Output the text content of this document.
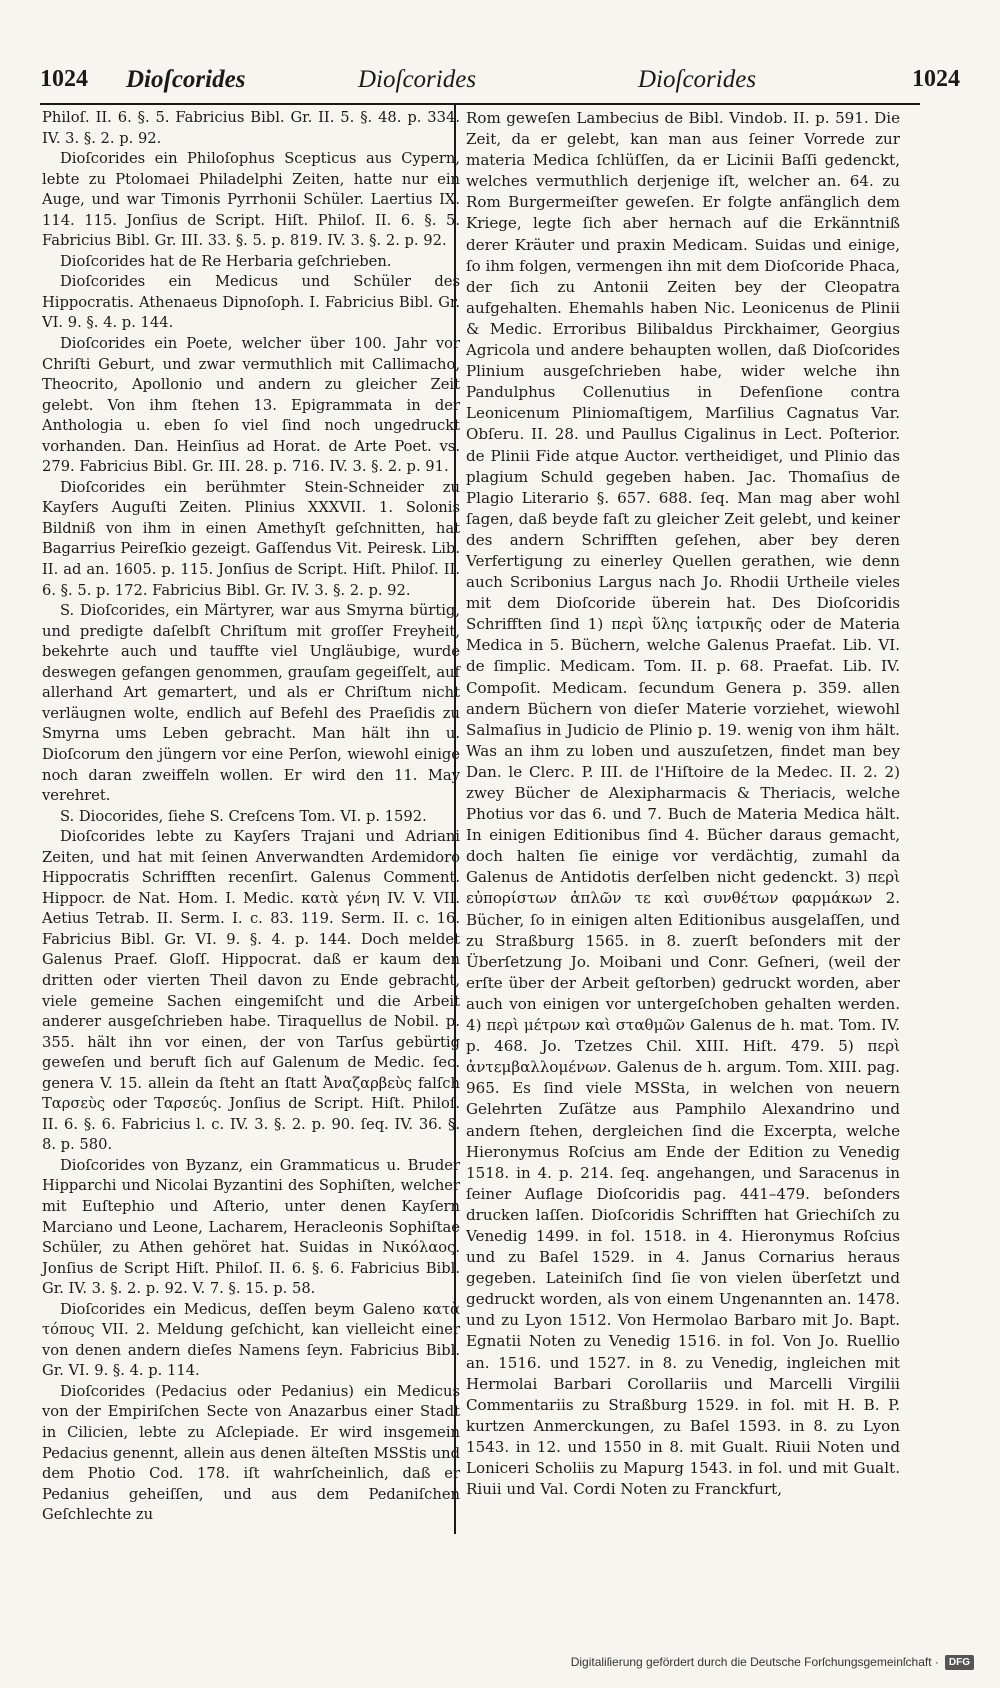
1024 Dioſcorides	Dioſcorides	Dioſcorides	1024

Philoſ. II. 6. §. 5. Fabricius Bibl. Gr. II. 5. §. 48. p. 334. IV. 3. §. 2. p. 92.

Dioſcorides ein Philoſophus Scepticus aus Cypern, lebte zu Ptolomaei Philadelphi Zeiten, hatte nur ein Auge, und war Timonis Pyrrhonii Schüler. Laertius IX. 114. 115. Jonſius de Script. Hiſt. Philoſ. II. 6. §. 5. Fabricius Bibl. Gr. III. 33. §. 5. p. 819. IV. 3. §. 2. p. 92.

Dioſcorides hat de Re Herbaria geſchrieben.

Dioſcorides ein Medicus und Schüler des Hippocratis. Athenaeus Dipnoſoph. I. Fabricius Bibl. Gr. VI. 9. §. 4. p. 144.

Dioſcorides ein Poete, welcher über 100. Jahr vor Chriſti Geburt, und zwar vermuthlich mit Callimacho, Theocrito, Apollonio und andern zu gleicher Zeit gelebt. Von ihm ſtehen 13. Epigrammata in der Anthologia u. eben ſo viel ſind noch ungedruckt vorhanden. Dan. Heinſius ad Horat. de Arte Poet. vs. 279. Fabricius Bibl. Gr. III. 28. p. 716. IV. 3. §. 2. p. 91.

Dioſcorides ein berühmter Stein-Schneider zu Kayſers Auguſti Zeiten. Plinius XXXVII. 1. Solonis Bildniß von ihm in einen Amethyſt geſchnitten, hat Bagarrius Peireſkio gezeigt. Gaſſendus Vit. Peiresk. Lib. II. ad an. 1605. p. 115. Jonſius de Script. Hiſt. Philoſ. II. 6. §. 5. p. 172. Fabricius Bibl. Gr. IV. 3. §. 2. p. 92.

S. Dioſcorides, ein Märtyrer, war aus Smyrna bürtig, und predigte daſelbſt Chriſtum mit groſſer Freyheit, bekehrte auch und tauffte viel Ungläubige, wurde deswegen gefangen genommen, grauſam gegeiſſelt, auf allerhand Art gemartert, und als er Chriſtum nicht verläugnen wolte, endlich auf Befehl des Praeſidis zu Smyrna ums Leben gebracht. Man hält ihn u. Dioſcorum den jüngern vor eine Perſon, wiewohl einige noch daran zweiffeln wollen. Er wird den 11. May verehret.

S. Diocorides, ſiehe S. Creſcens Tom. VI. p. 1592.

Dioſcorides lebte zu Kayſers Trajani und Adriani Zeiten, und hat mit ſeinen Anverwandten Ardemidoro Hippocratis Schrifften recenſirt. Galenus Comment. Hippocr. de Nat. Hom. I. Medic. κατὰ γένη IV. V. VII. Aetius Tetrab. II. Serm. I. c. 83. 119. Serm. II. c. 16. Fabricius Bibl. Gr. VI. 9. §. 4. p. 144. Doch meldet Galenus Praef. Gloſſ. Hippocrat. daß er kaum den dritten oder vierten Theil davon zu Ende gebracht, viele gemeine Sachen eingemiſcht und die Arbeit anderer ausgeſchrieben habe. Tiraquellus de Nobil. p. 355. hält ihn vor einen, der von Tarſus gebürtig geweſen und beruft ſich auf Galenum de Medic. ſec. genera V. 15. allein da ſteht an ſtatt Ἀναζαρβεὺς falſch Ταρσεὺς oder Ταρσεύς. Jonſius de Script. Hiſt. Philoſ. II. 6. §. 6. Fabricius l. c. IV. 3. §. 2. p. 90. ſeq. IV. 36. §. 8. p. 580.

Dioſcorides von Byzanz, ein Grammaticus u. Bruder Hipparchi und Nicolai Byzantini des Sophiſten, welcher mit Euſtephio und Aſterio, unter denen Kayſern Marciano und Leone, Lacharem, Heracleonis Sophiſtae Schüler, zu Athen gehöret hat. Suidas in Νικόλαος. Jonſius de Script Hiſt. Philoſ. II. 6. §. 6. Fabricius Bibl. Gr. IV. 3. §. 2. p. 92. V. 7. §. 15. p. 58.

Dioſcorides ein Medicus, deſſen beym Galeno κατὰ τόπους VII. 2. Meldung geſchicht, kan vielleicht einer von denen andern dieſes Namens ſeyn. Fabricius Bibl. Gr. VI. 9. §. 4. p. 114.

Dioſcorides (Pedacius oder Pedanius) ein Medicus von der Empiriſchen Secte von Anazarbus einer Stadt in Cilicien, lebte zu Aſclepiade. Er wird insgemein Pedacius genennt, allein aus denen älteſten MSStis und dem Photio Cod. 178. iſt wahrſcheinlich, daß er Pedanius geheiſſen, und aus dem Pedaniſchen Geſchlechte zu

Rom geweſen Lambecius de Bibl. Vindob. II. p. 591. Die Zeit, da er gelebt, kan man aus ſeiner Vorrede zur materia Medica ſchlüſſen, da er Licinii Baſſi gedenckt, welches vermuthlich derjenige iſt, welcher an. 64. zu Rom Burgermeiſter geweſen. Er folgte anfänglich dem Kriege, legte ſich aber hernach auf die Erkänntniß derer Kräuter und praxin Medicam. Suidas und einige, ſo ihm folgen, vermengen ihn mit dem Dioſcoride Phaca, der ſich zu Antonii Zeiten bey der Cleopatra aufgehalten. Ehemahls haben Nic. Leonicenus de Plinii & Medic. Erroribus Bilibaldus Pirckhaimer, Georgius Agricola und andere behaupten wollen, daß Dioſcorides Plinium ausgeſchrieben habe, wider welche ihn Pandulphus Collenutius in Defenſione contra Leonicenum Pliniomaſtigem, Marſilius Cagnatus Var. Obſeru. II. 28. und Paullus Cigalinus in Lect. Poſterior. de Plinii Fide atque Auctor. vertheidiget, und Plinio das plagium Schuld gegeben haben. Jac. Thomaſius de Plagio Literario §. 657. 688. ſeq. Man mag aber wohl ſagen, daß beyde faſt zu gleicher Zeit gelebt, und keiner des andern Schrifften geſehen, aber bey deren Verfertigung zu einerley Quellen gerathen, wie denn auch Scribonius Largus nach Jo. Rhodii Urtheile vieles mit dem Dioſcoride überein hat. Des Dioſcoridis Schrifften ſind 1) περὶ ὕλης ἰατρικῆς oder de Materia Medica in 5. Büchern, welche Galenus Praefat. Lib. VI. de ſimplic. Medicam. Tom. II. p. 68. Praefat. Lib. IV. Compoſit. Medicam. ſecundum Genera p. 359. allen andern Büchern von dieſer Materie vorziehet, wiewohl Salmaſius in Judicio de Plinio p. 19. wenig von ihm hält. Was an ihm zu loben und auszuſetzen, findet man bey Dan. le Clerc. P. III. de l'Hiſtoire de la Medec. II. 2. 2) zwey Bücher de Alexipharmacis & Theriacis, welche Photius vor das 6. und 7. Buch de Materia Medica hält. In einigen Editionibus ſind 4. Bücher daraus gemacht, doch halten ſie einige vor verdächtig, zumahl da Galenus de Antidotis derſelben nicht gedenckt. 3) περὶ εὐπορίστων ἁπλῶν τε καὶ συνθέτων φαρμάκων 2. Bücher, ſo in einigen alten Editionibus ausgelaſſen, und zu Straßburg 1565. in 8. zuerſt beſonders mit der Überſetzung Jo. Moibani und Conr. Geſneri, (weil der erſte über der Arbeit geſtorben) gedruckt worden, aber auch von einigen vor untergeſchoben gehalten werden. 4) περὶ μέτρων καὶ σταθμῶν Galenus de h. mat. Tom. IV. p. 468. Jo. Tzetzes Chil. XIII. Hiſt. 479. 5) περὶ ἀντεμβαλλομένων. Galenus de h. argum. Tom. XIII. pag. 965. Es ſind viele MSSta, in welchen von neuern Gelehrten Zuſätze aus Pamphilo Alexandrino und andern ſtehen, dergleichen ſind die Excerpta, welche Hieronymus Roſcius am Ende der Edition zu Venedig 1518. in 4. p. 214. ſeq. angehangen, und Saracenus in ſeiner Auflage Dioſcoridis pag. 441–479. beſonders drucken laſſen. Dioſcoridis Schrifften hat Griechiſch zu Venedig 1499. in fol. 1518. in 4. Hieronymus Roſcius und zu Baſel 1529. in 4. Janus Cornarius heraus gegeben. Lateiniſch ſind ſie von vielen überſetzt und gedruckt worden, als von einem Ungenannten an. 1478. und zu Lyon 1512. Von Hermolao Barbaro mit Jo. Bapt. Egnatii Noten zu Venedig 1516. in fol. Von Jo. Ruellio an. 1516. und 1527. in 8. zu Venedig, ingleichen mit Hermolai Barbari Corollariis und Marcelli Virgilii Commentariis zu Straßburg 1529. in fol. mit H. B. P. kurtzen Anmerckungen, zu Baſel 1593. in 8. zu Lyon 1543. in 12. und 1550 in 8. mit Gualt. Riuii Noten und Loniceri Scholiis zu Mapurg 1543. in fol. und mit Gualt. Riuii und Val. Cordi Noten zu Franckfurt,

Digitaliſierung gefördert durch die Deutsche Forſchungsgemeinſchaft ·	DFG
